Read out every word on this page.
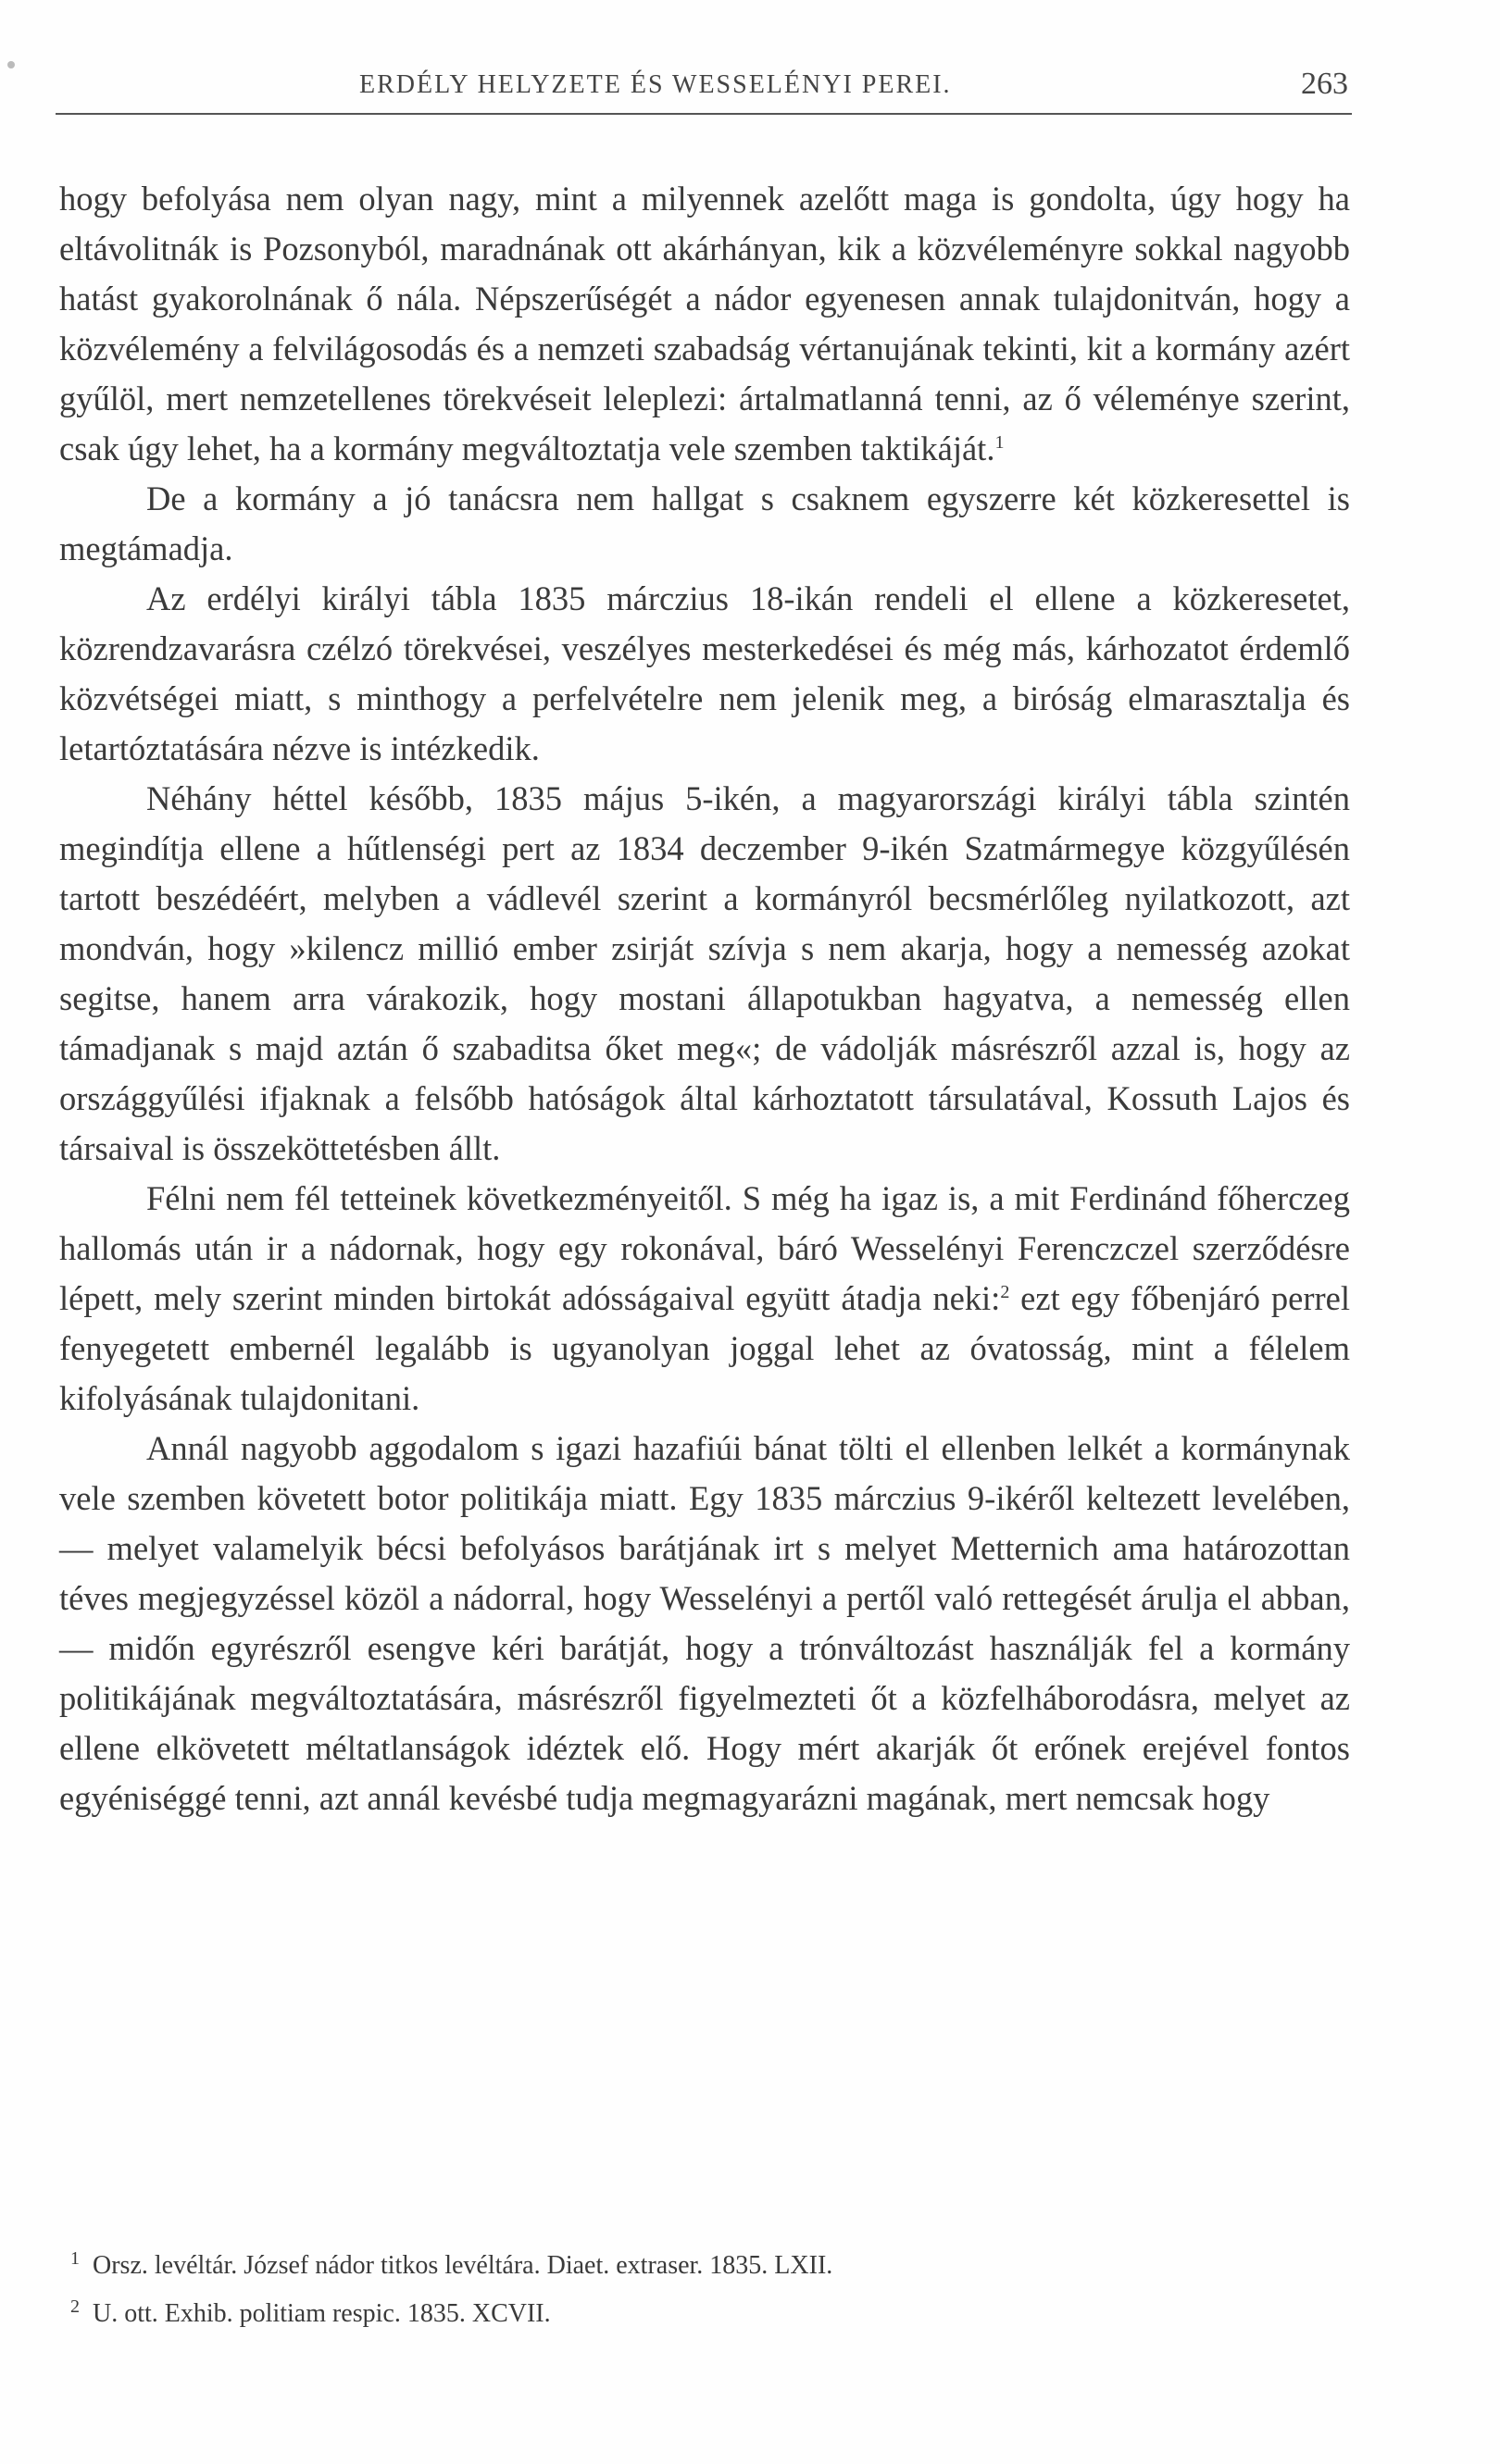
ERDÉLY HELYZETE ÉS WESSELÉNYI PEREI.	263

hogy befolyása nem olyan nagy, mint a milyennek azelőtt maga is gondolta, úgy hogy ha eltávolitnák is Pozsonyból, maradnának ott akárhányan, kik a közvéleményre sokkal nagyobb hatást gyakorolnának ő nála. Népszerűségét a nádor egyenesen annak tulajdonitván, hogy a közvélemény a felvilágosodás és a nemzeti szabadság vértanujának tekinti, kit a kormány azért gyűlöl, mert nemzetellenes törekvéseit leleplezi: ártalmatlanná tenni, az ő véleménye szerint, csak úgy lehet, ha a kormány megváltoztatja vele szemben taktikáját.$^1$

De a kormány a jó tanácsra nem hallgat s csaknem egyszerre két közkeresettel is megtámadja.

Az erdélyi királyi tábla 1835 márczius 18-ikán rendeli el ellene a közkeresetet, közrendzavarásra czélzó törekvései, veszélyes mesterkedései és még más, kárhozatot érdemlő közvétségei miatt, s minthogy a perfelvételre nem jelenik meg, a biróság elmarasztalja és letartóztatására nézve is intézkedik.

Néhány héttel később, 1835 május 5-ikén, a magyarországi királyi tábla szintén megindítja ellene a hűtlenségi pert az 1834 deczember 9-ikén Szatmármegye közgyűlésén tartott beszédéért, melyben a vádlevél szerint a kormányról becsmérlőleg nyilatkozott, azt mondván, hogy »kilencz millió ember zsirját szívja s nem akarja, hogy a nemesség azokat segitse, hanem arra várakozik, hogy mostani állapotukban hagyatva, a nemesség ellen támadjanak s majd aztán ő szabaditsa őket meg«; de vádolják másrészről azzal is, hogy az országgyűlési ifjaknak a felsőbb hatóságok által kárhoztatott társulatával, Kossuth Lajos és társaival is összeköttetésben állt.

Félni nem fél tetteinek következményeitől. S még ha igaz is, a mit Ferdinánd főherczeg hallomás után ir a nádornak, hogy egy rokonával, báró Wesselényi Ferenczczel szerződésre lépett, mely szerint minden birtokát adósságaival együtt átadja neki:$^2$ ezt egy főbenjáró perrel fenyegetett embernél legalább is ugyanolyan joggal lehet az óvatosság, mint a félelem kifolyásának tulajdonitani.

Annál nagyobb aggodalom s igazi hazafiúi bánat tölti el ellenben lelkét a kormánynak vele szemben követett botor politikája miatt. Egy 1835 márczius 9-ikéről keltezett levelében, — melyet valamelyik bécsi befolyásos barátjának irt s melyet Metternich ama határozottan téves megjegyzéssel közöl a nádorral, hogy Wesselényi a pertől való rettegését árulja el abban, — midőn egyrészről esengve kéri barátját, hogy a trónváltozást használják fel a kormány politikájának megváltoztatására, másrészről figyelmezteti őt a közfelháborodásra, melyet az ellene elkövetett méltatlanságok idéztek elő. Hogy mért akarják őt erőnek erejével fontos egyéniséggé tenni, azt annál kevésbé tudja megmagyarázni magának, mert nemcsak hogy

1 Orsz. levéltár. József nádor titkos levéltára. Diaet. extraser. 1835. LXII.
2 U. ott. Exhib. politiam respic. 1835. XCVII.
